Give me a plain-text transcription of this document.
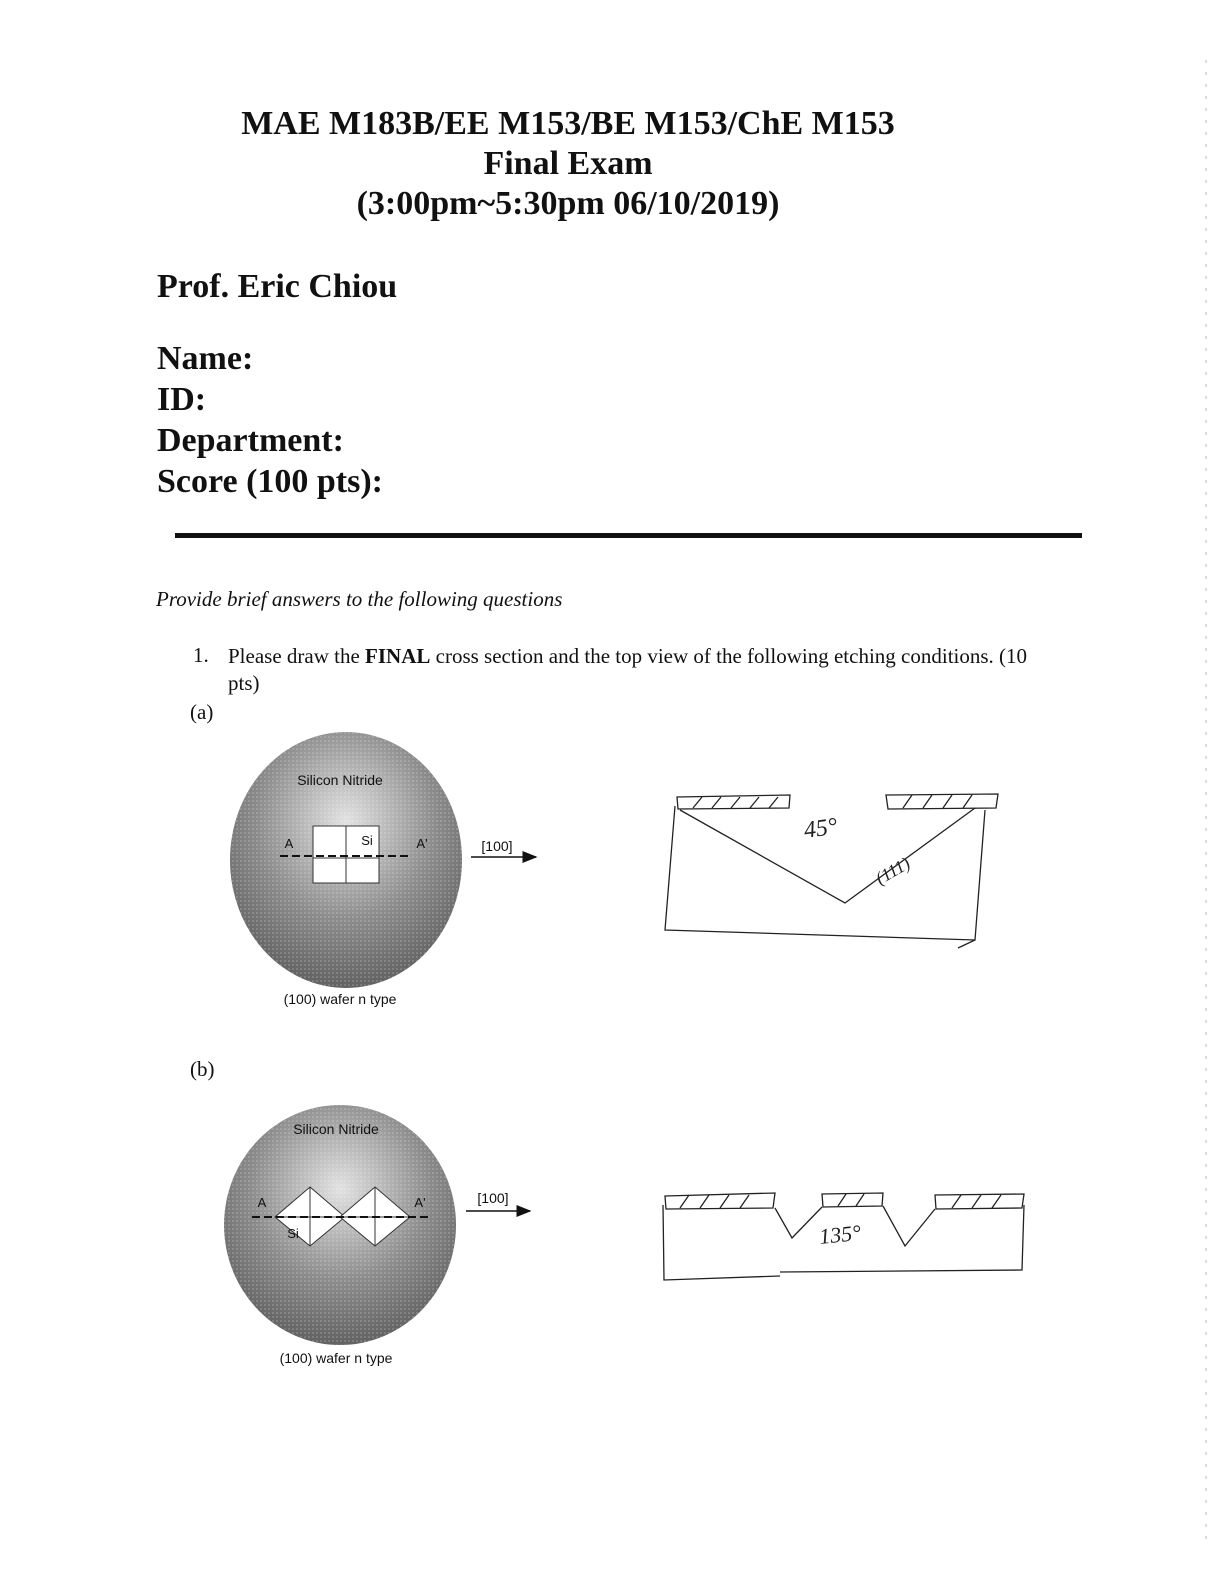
MAE M183B/EE M153/BE M153/ChE M153
Final Exam
(3:00pm~5:30pm 06/10/2019)
Prof. Eric Chiou
Name:
ID:
Department:
Score (100 pts):
Provide brief answers to the following questions
1. Please draw the FINAL cross section and the top view of the following etching conditions. (10 pts)
(a)
(b)
Silicon Nitride
Si
A	A'	[100]
(100) wafer n type
45°
(111)
Silicon Nitride
Si
A	A'	[100]
(100) wafer n type
135°
